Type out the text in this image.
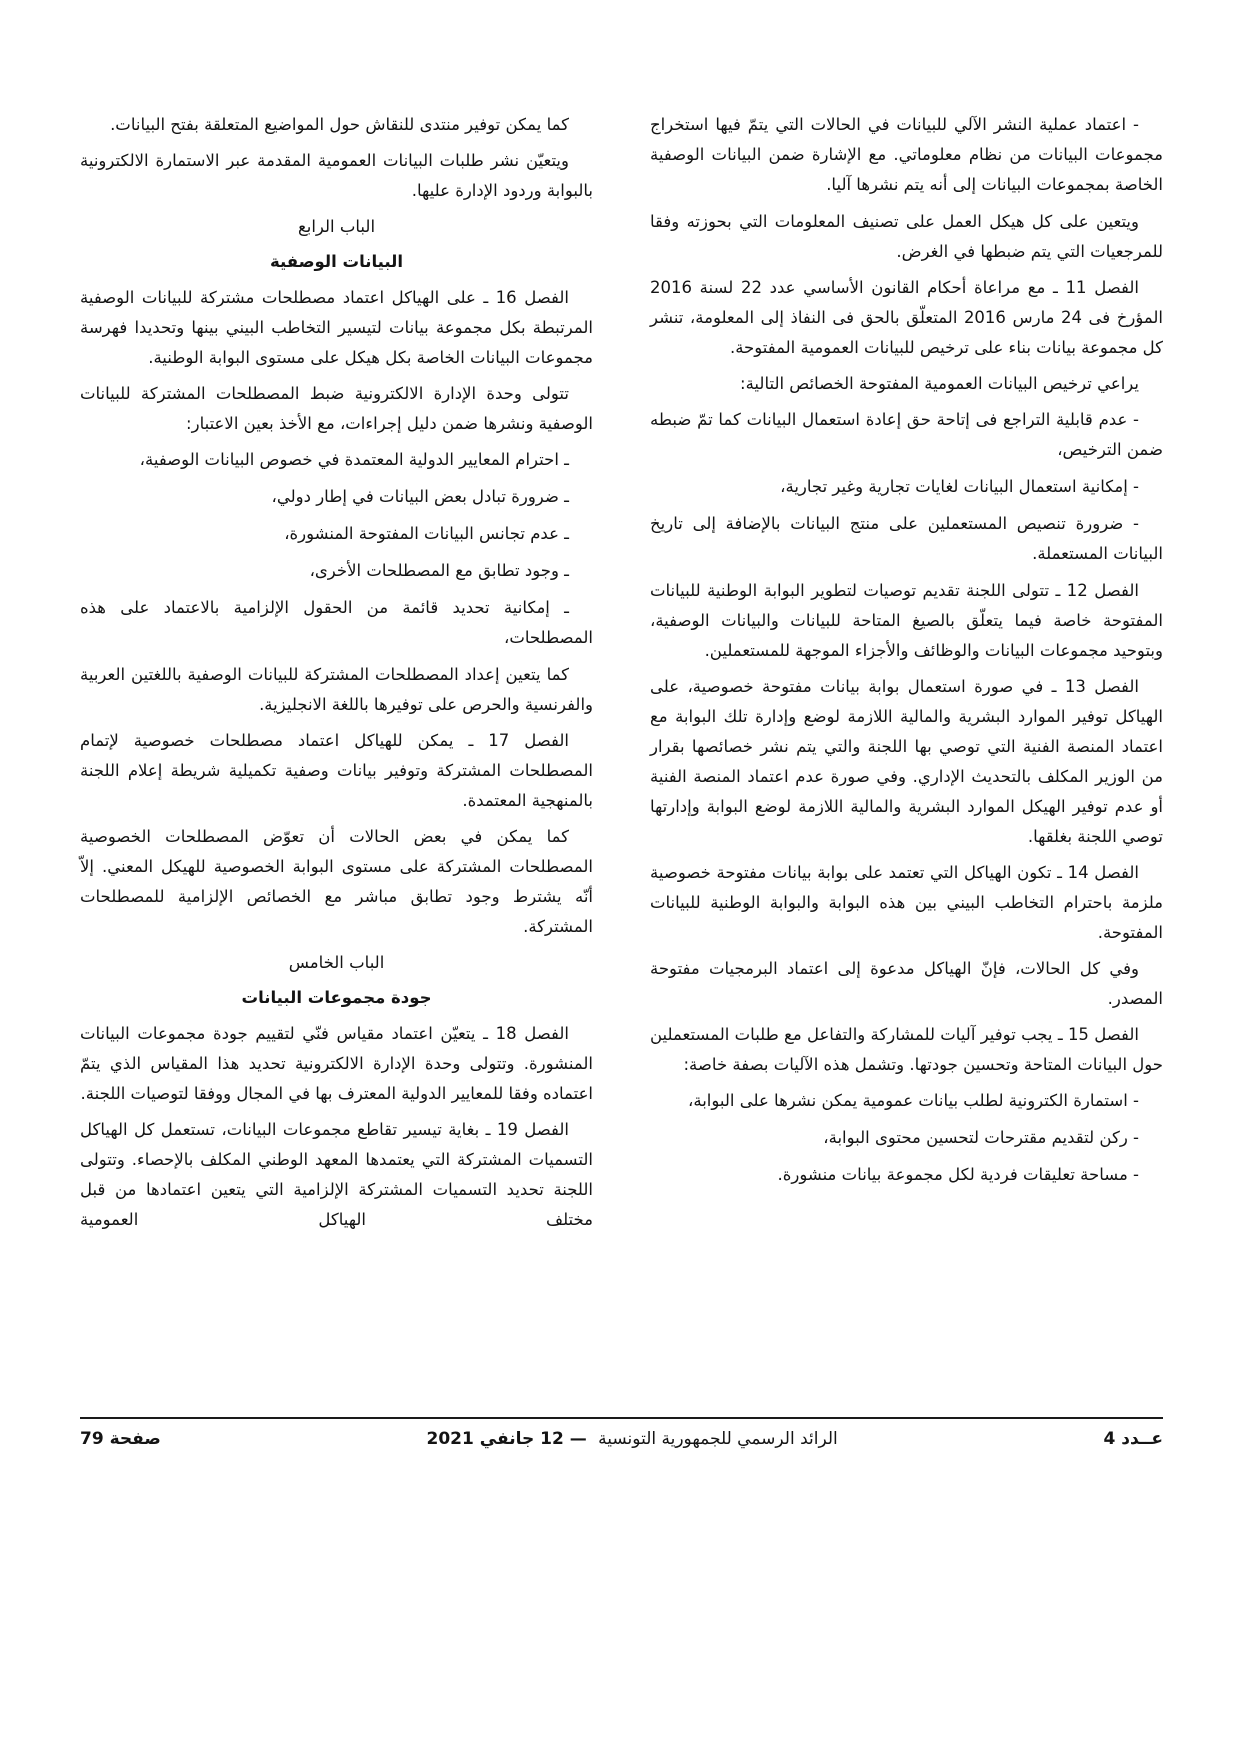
- اعتماد عملية النشر الآلي للبيانات في الحالات التي يتمّ فيها استخراج مجموعات البيانات من نظام معلوماتي. مع الإشارة ضمن البيانات الوصفية الخاصة بمجموعات البيانات إلى أنه يتم نشرها آليا.

ويتعين على كل هيكل العمل على تصنيف المعلومات التي بحوزته وفقا للمرجعيات التي يتم ضبطها في الغرض.

الفصل 11 ـ مع مراعاة أحكام القانون الأساسي عدد 22 لسنة 2016 المؤرخ فى 24 مارس 2016 المتعلّق بالحق فى النفاذ إلى المعلومة، تنشر كل مجموعة بيانات بناء على ترخيص للبيانات العمومية المفتوحة.

يراعي ترخيص البيانات العمومية المفتوحة الخصائص التالية:

- عدم قابلية التراجع فى إتاحة حق إعادة استعمال البيانات كما تمّ ضبطه ضمن الترخيص،

- إمكانية استعمال البيانات لغايات تجارية وغير تجارية،

- ضرورة تنصيص المستعملين على منتج البيانات بالإضافة إلى تاريخ البيانات المستعملة.

الفصل 12 ـ تتولى اللجنة تقديم توصيات لتطوير البوابة الوطنية للبيانات المفتوحة خاصة فيما يتعلّق بالصيغ المتاحة للبيانات والبيانات الوصفية، وبتوحيد مجموعات البيانات والوظائف والأجزاء الموجهة للمستعملين.

الفصل 13 ـ في صورة استعمال بوابة بيانات مفتوحة خصوصية، على الهياكل توفير الموارد البشرية والمالية اللازمة لوضع وإدارة تلك البوابة مع اعتماد المنصة الفنية التي توصي بها اللجنة والتي يتم نشر خصائصها بقرار من الوزير المكلف بالتحديث الإداري. وفي صورة عدم اعتماد المنصة الفنية أو عدم توفير الهيكل الموارد البشرية والمالية اللازمة لوضع البوابة وإدارتها توصي اللجنة بغلقها.

الفصل 14 ـ تكون الهياكل التي تعتمد على بوابة بيانات مفتوحة خصوصية ملزمة باحترام التخاطب البيني بين هذه البوابة والبوابة الوطنية للبيانات المفتوحة.

وفي كل الحالات، فإنّ الهياكل مدعوة إلى اعتماد البرمجيات مفتوحة المصدر.

الفصل 15 ـ يجب توفير آليات للمشاركة والتفاعل مع طلبات المستعملين حول البيانات المتاحة وتحسين جودتها. وتشمل هذه الآليات بصفة خاصة:

- استمارة الكترونية لطلب بيانات عمومية يمكن نشرها على البوابة،

- ركن لتقديم مقترحات لتحسين محتوى البوابة،

- مساحة تعليقات فردية لكل مجموعة بيانات منشورة.

كما يمكن توفير منتدى للنقاش حول المواضيع المتعلقة بفتح البيانات.

ويتعيّن نشر طلبات البيانات العمومية المقدمة عبر الاستمارة الالكترونية بالبوابة وردود الإدارة عليها.

الباب الرابع

البيانات الوصفية

الفصل 16 ـ على الهياكل اعتماد مصطلحات مشتركة للبيانات الوصفية المرتبطة بكل مجموعة بيانات لتيسير التخاطب البيني بينها وتحديدا فهرسة مجموعات البيانات الخاصة بكل هيكل على مستوى البوابة الوطنية.

تتولى وحدة الإدارة الالكترونية ضبط المصطلحات المشتركة للبيانات الوصفية ونشرها ضمن دليل إجراءات، مع الأخذ بعين الاعتبار:

ـ احترام المعايير الدولية المعتمدة في خصوص البيانات الوصفية،

ـ ضرورة تبادل بعض البيانات في إطار دولي،

ـ عدم تجانس البيانات المفتوحة المنشورة،

ـ وجود تطابق مع المصطلحات الأخرى،

ـ إمكانية تحديد قائمة من الحقول الإلزامية بالاعتماد على هذه المصطلحات،

كما يتعين إعداد المصطلحات المشتركة للبيانات الوصفية باللغتين العربية والفرنسية والحرص على توفيرها باللغة الانجليزية.

الفصل 17 ـ يمكن للهياكل اعتماد مصطلحات خصوصية لإتمام المصطلحات المشتركة وتوفير بيانات وصفية تكميلية شريطة إعلام اللجنة بالمنهجية المعتمدة.

كما يمكن في بعض الحالات أن تعوّض المصطلحات الخصوصية المصطلحات المشتركة على مستوى البوابة الخصوصية للهيكل المعني. إلاّ أنّه يشترط وجود تطابق مباشر مع الخصائص الإلزامية للمصطلحات المشتركة.

الباب الخامس

جودة مجموعات البيانات

الفصل 18 ـ يتعيّن اعتماد مقياس فنّي لتقييم جودة مجموعات البيانات المنشورة. وتتولى وحدة الإدارة الالكترونية تحديد هذا المقياس الذي يتمّ اعتماده وفقا للمعايير الدولية المعترف بها في المجال ووفقا لتوصيات اللجنة.

الفصل 19 ـ بغاية تيسير تقاطع مجموعات البيانات، تستعمل كل الهياكل التسميات المشتركة التي يعتمدها المعهد الوطني المكلف بالإحصاء. وتتولى اللجنة تحديد التسميات المشتركة الإلزامية التي يتعين اعتمادها من قبل مختلف الهياكل العمومية

عــدد 4
الرائد الرسمي للجمهورية التونسية — 12 جانفي 2021
صفحة 79
